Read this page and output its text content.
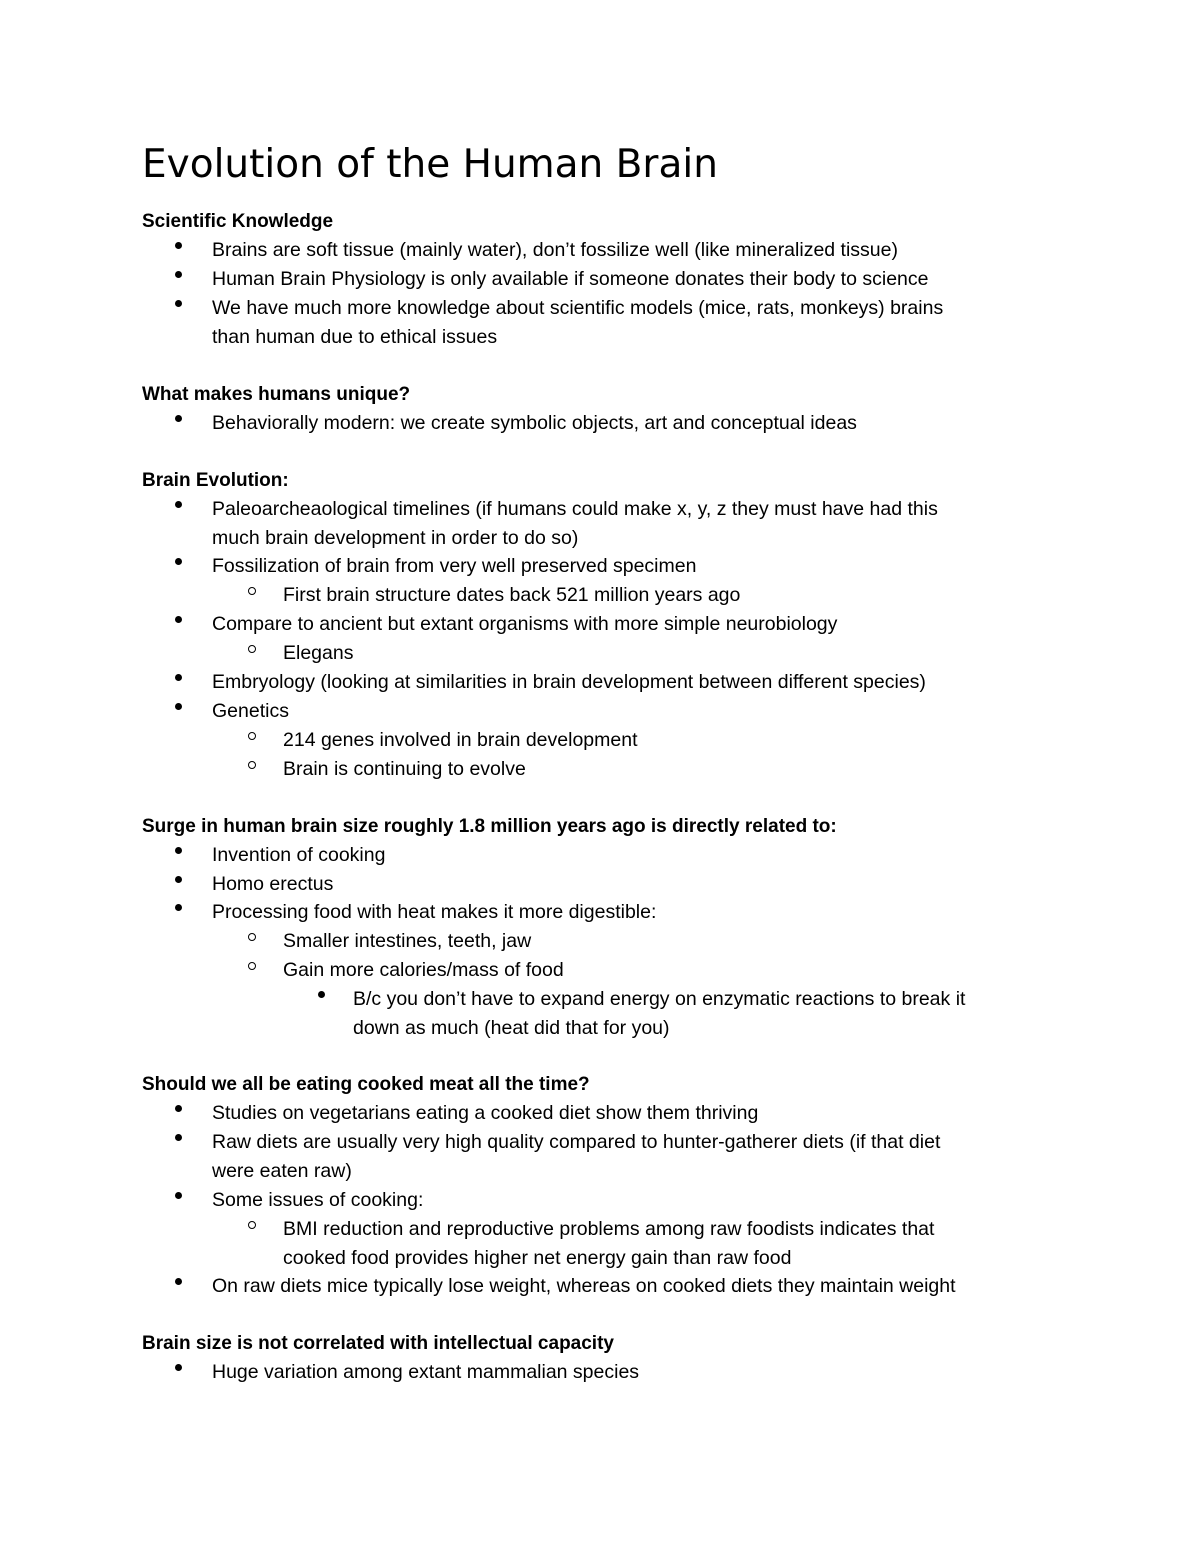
Evolution of the Human Brain

Scientific Knowledge

Brains are soft tissue (mainly water), don’t fossilize well (like mineralized tissue)

Human Brain Physiology is only available if someone donates their body to science

We have much more knowledge about scientific models (mice, rats, monkeys) brains

than human due to ethical issues

What makes humans unique?

Behaviorally modern: we create symbolic objects, art and conceptual ideas

Brain Evolution:

Paleoarcheaological timelines (if humans could make x, y, z they must have had this

much brain development in order to do so)

Fossilization of brain from very well preserved specimen

First brain structure dates back 521 million years ago

Compare to ancient but extant organisms with more simple neurobiology

Elegans

Embryology (looking at similarities in brain development between different species)

Genetics

214 genes involved in brain development

Brain is continuing to evolve

Surge in human brain size roughly 1.8 million years ago is directly related to:

Invention of cooking

Homo erectus

Processing food with heat makes it more digestible:

Smaller intestines, teeth, jaw

Gain more calories/mass of food

B/c you don’t have to expand energy on enzymatic reactions to break it

down as much (heat did that for you)

Should we all be eating cooked meat all the time?

Studies on vegetarians eating a cooked diet show them thriving

Raw diets are usually very high quality compared to hunter-gatherer diets (if that diet

were eaten raw)

Some issues of cooking:

BMI reduction and reproductive problems among raw foodists indicates that

cooked food provides higher net energy gain than raw food

On raw diets mice typically lose weight, whereas on cooked diets they maintain weight

Brain size is not correlated with intellectual capacity

Huge variation among extant mammalian species
